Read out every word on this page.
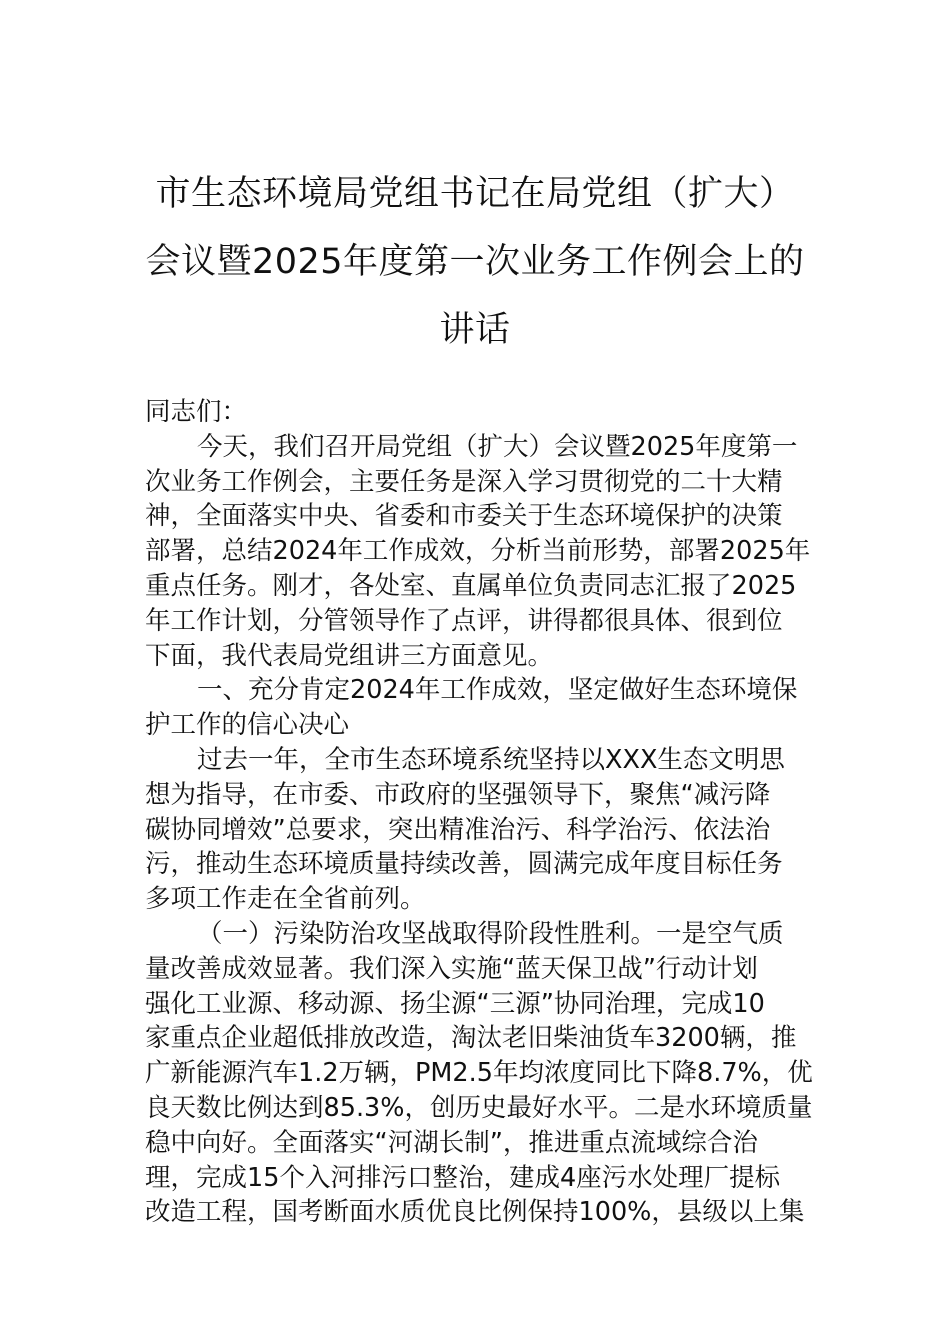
市生态环境局党组书记在局党组（扩大）
会议暨2025年度第一次业务工作例会上的
讲话

同志们：

今天，我们召开局党组（扩大）会议暨2025年度第一
次业务工作例会，主要任务是深入学习贯彻党的二十大精
神，全面落实中央、省委和市委关于生态环境保护的决策
部署，总结2024年工作成效，分析当前形势，部署2025年
重点任务。刚才，各处室、直属单位负责同志汇报了2025
年工作计划，分管领导作了点评，讲得都很具体、很到位
下面，我代表局党组讲三方面意见。

一、充分肯定2024年工作成效，坚定做好生态环境保
护工作的信心决心

过去一年，全市生态环境系统坚持以XXX生态文明思
想为指导，在市委、市政府的坚强领导下，聚焦“减污降
碳协同增效”总要求，突出精准治污、科学治污、依法治
污，推动生态环境质量持续改善，圆满完成年度目标任务
多项工作走在全省前列。

（一）污染防治攻坚战取得阶段性胜利。一是空气质
量改善成效显著。我们深入实施“蓝天保卫战”行动计划
强化工业源、移动源、扬尘源“三源”协同治理，完成10
家重点企业超低排放改造，淘汰老旧柴油货车3200辆，推
广新能源汽车1.2万辆，PM2.5年均浓度同比下降8.7%，优
良天数比例达到85.3%，创历史最好水平。二是水环境质量
稳中向好。全面落实“河湖长制”，推进重点流域综合治
理，完成15个入河排污口整治，建成4座污水处理厂提标
改造工程，国考断面水质优良比例保持100%，县级以上集
